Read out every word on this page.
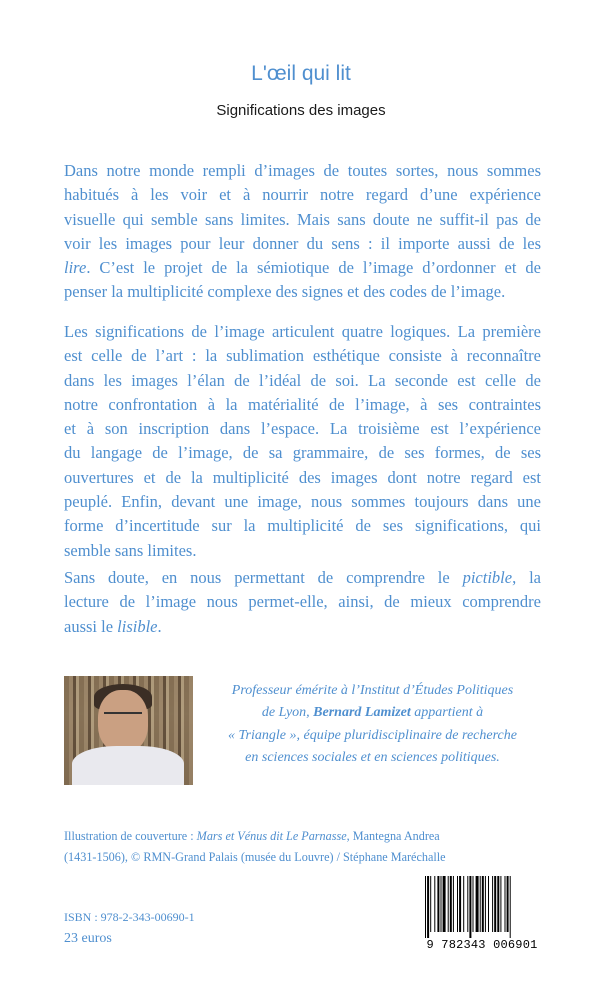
L'œil qui lit
Significations des images
Dans notre monde rempli d’images de toutes sortes, nous sommes
habitués à les voir et à nourrir notre regard d’une expérience
visuelle qui semble sans limites. Mais sans doute ne suffit-il pas de
voir les images pour leur donner du sens : il importe aussi de les
lire. C’est le projet de la sémiotique de l’image d’ordonner et de
penser la multiplicité complexe des signes et des codes de l’image.
Les significations de l’image articulent quatre logiques. La première
est celle de l’art : la sublimation esthétique consiste à reconnaître
dans les images l’élan de l’idéal de soi. La seconde est celle de
notre confrontation à la matérialité de l’image, à ses contraintes
et à son inscription dans l’espace. La troisième est l’expérience
du langage de l’image, de sa grammaire, de ses formes, de ses
ouvertures et de la multiplicité des images dont notre regard est
peuplé. Enfin, devant une image, nous sommes toujours dans une
forme d’incertitude sur la multiplicité de ses significations, qui
semble sans limites.
Sans doute, en nous permettant de comprendre le pictible, la
lecture de l’image nous permet-elle, ainsi, de mieux comprendre
aussi le lisible.
Professeur émérite à l’Institut d’Études Politiques
de Lyon, Bernard Lamizet appartient à
« Triangle », équipe pluridisciplinaire de recherche
en sciences sociales et en sciences politiques.
Illustration de couverture : Mars et Vénus dit Le Parnasse, Mantegna Andrea
(1431-1506), © RMN-Grand Palais (musée du Louvre) / Stéphane Maréchalle
ISBN : 978-2-343-00690-1
23 euros	9 782343 006901
